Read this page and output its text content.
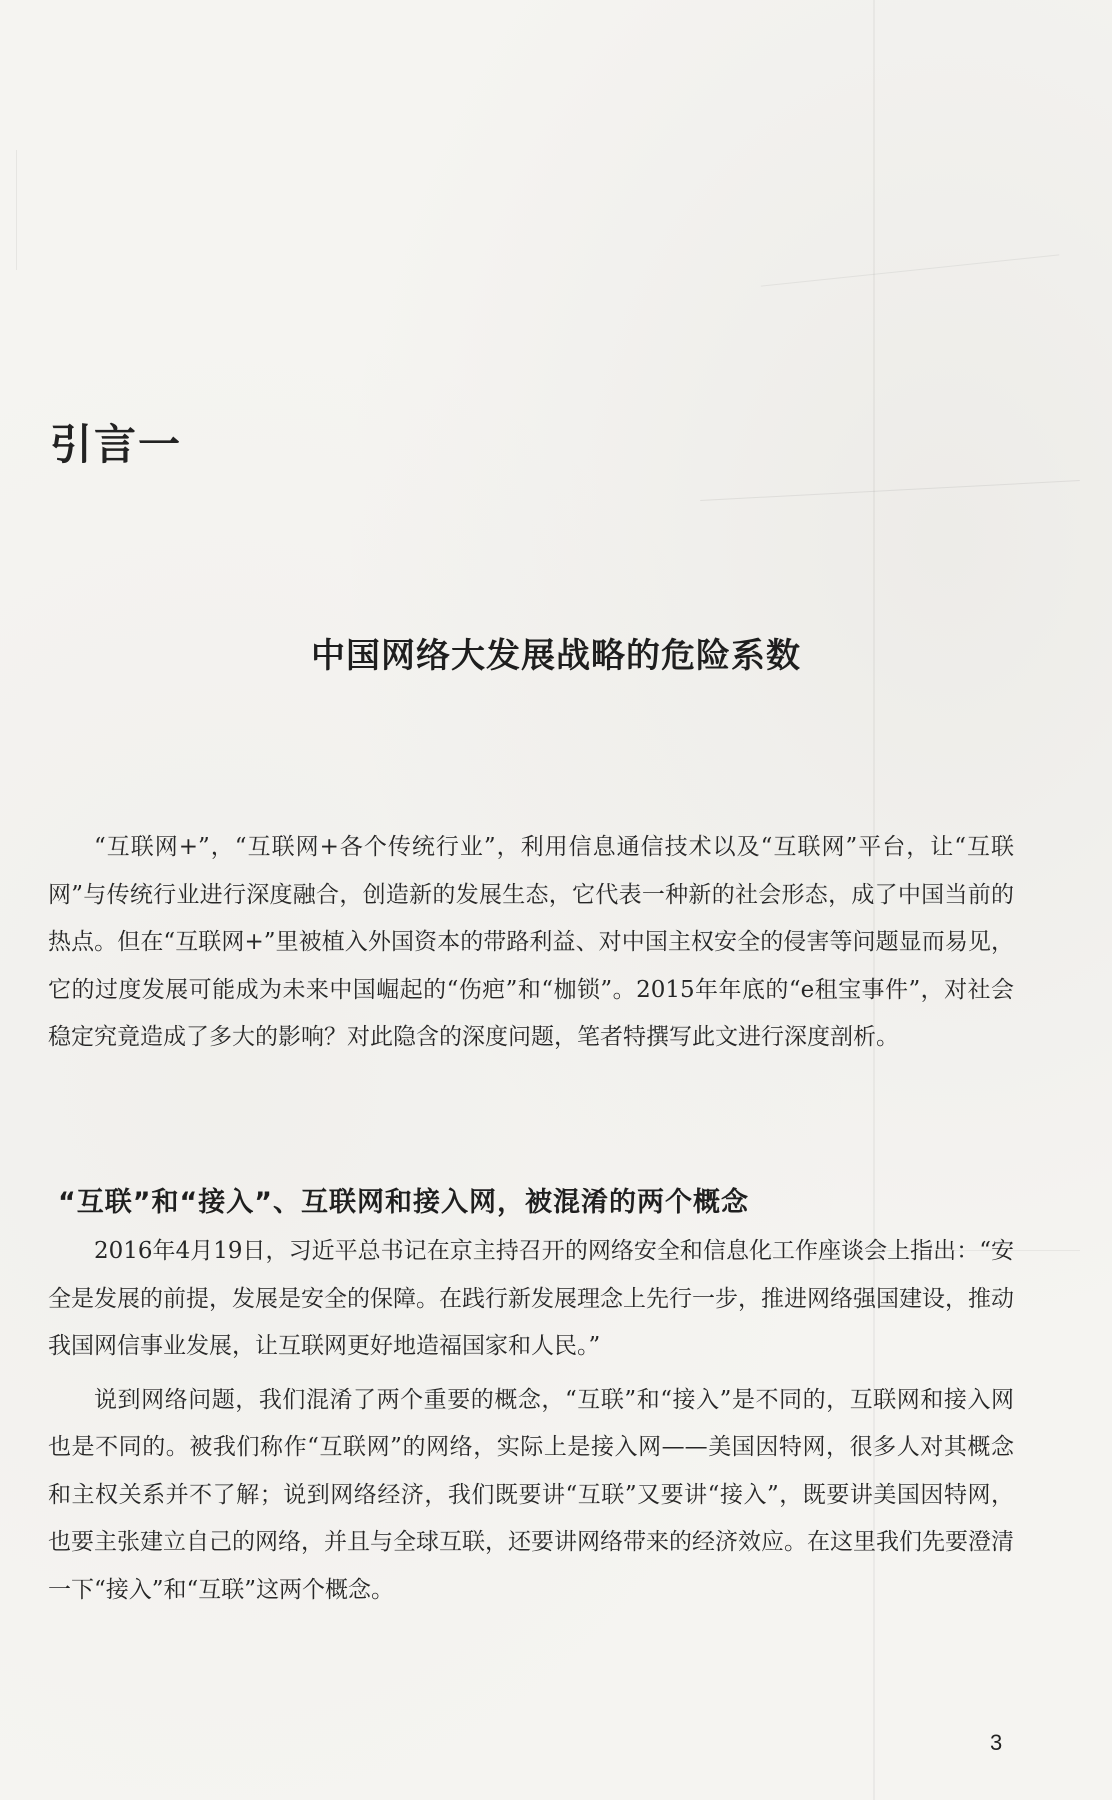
引言一
中国网络大发展战略的危险系数

“互联网+”，“互联网+各个传统行业”，利用信息通信技术以及“互联网”平台，让“互联网”与传统行业进行深度融合，创造新的发展生态，它代表一种新的社会形态，成了中国当前的热点。但在“互联网+”里被植入外国资本的带路利益、对中国主权安全的侵害等问题显而易见，它的过度发展可能成为未来中国崛起的“伤疤”和“枷锁”。2015年年底的“e租宝事件”，对社会稳定究竟造成了多大的影响？对此隐含的深度问题，笔者特撰写此文进行深度剖析。

“互联”和“接入”、互联网和接入网，被混淆的两个概念

2016年4月19日，习近平总书记在京主持召开的网络安全和信息化工作座谈会上指出：“安全是发展的前提，发展是安全的保障。在践行新发展理念上先行一步，推进网络强国建设，推动我国网信事业发展，让互联网更好地造福国家和人民。”

说到网络问题，我们混淆了两个重要的概念，“互联”和“接入”是不同的，互联网和接入网也是不同的。被我们称作“互联网”的网络，实际上是接入网——美国因特网，很多人对其概念和主权关系并不了解；说到网络经济，我们既要讲“互联”又要讲“接入”，既要讲美国因特网，也要主张建立自己的网络，并且与全球互联，还要讲网络带来的经济效应。在这里我们先要澄清一下“接入”和“互联”这两个概念。

3
